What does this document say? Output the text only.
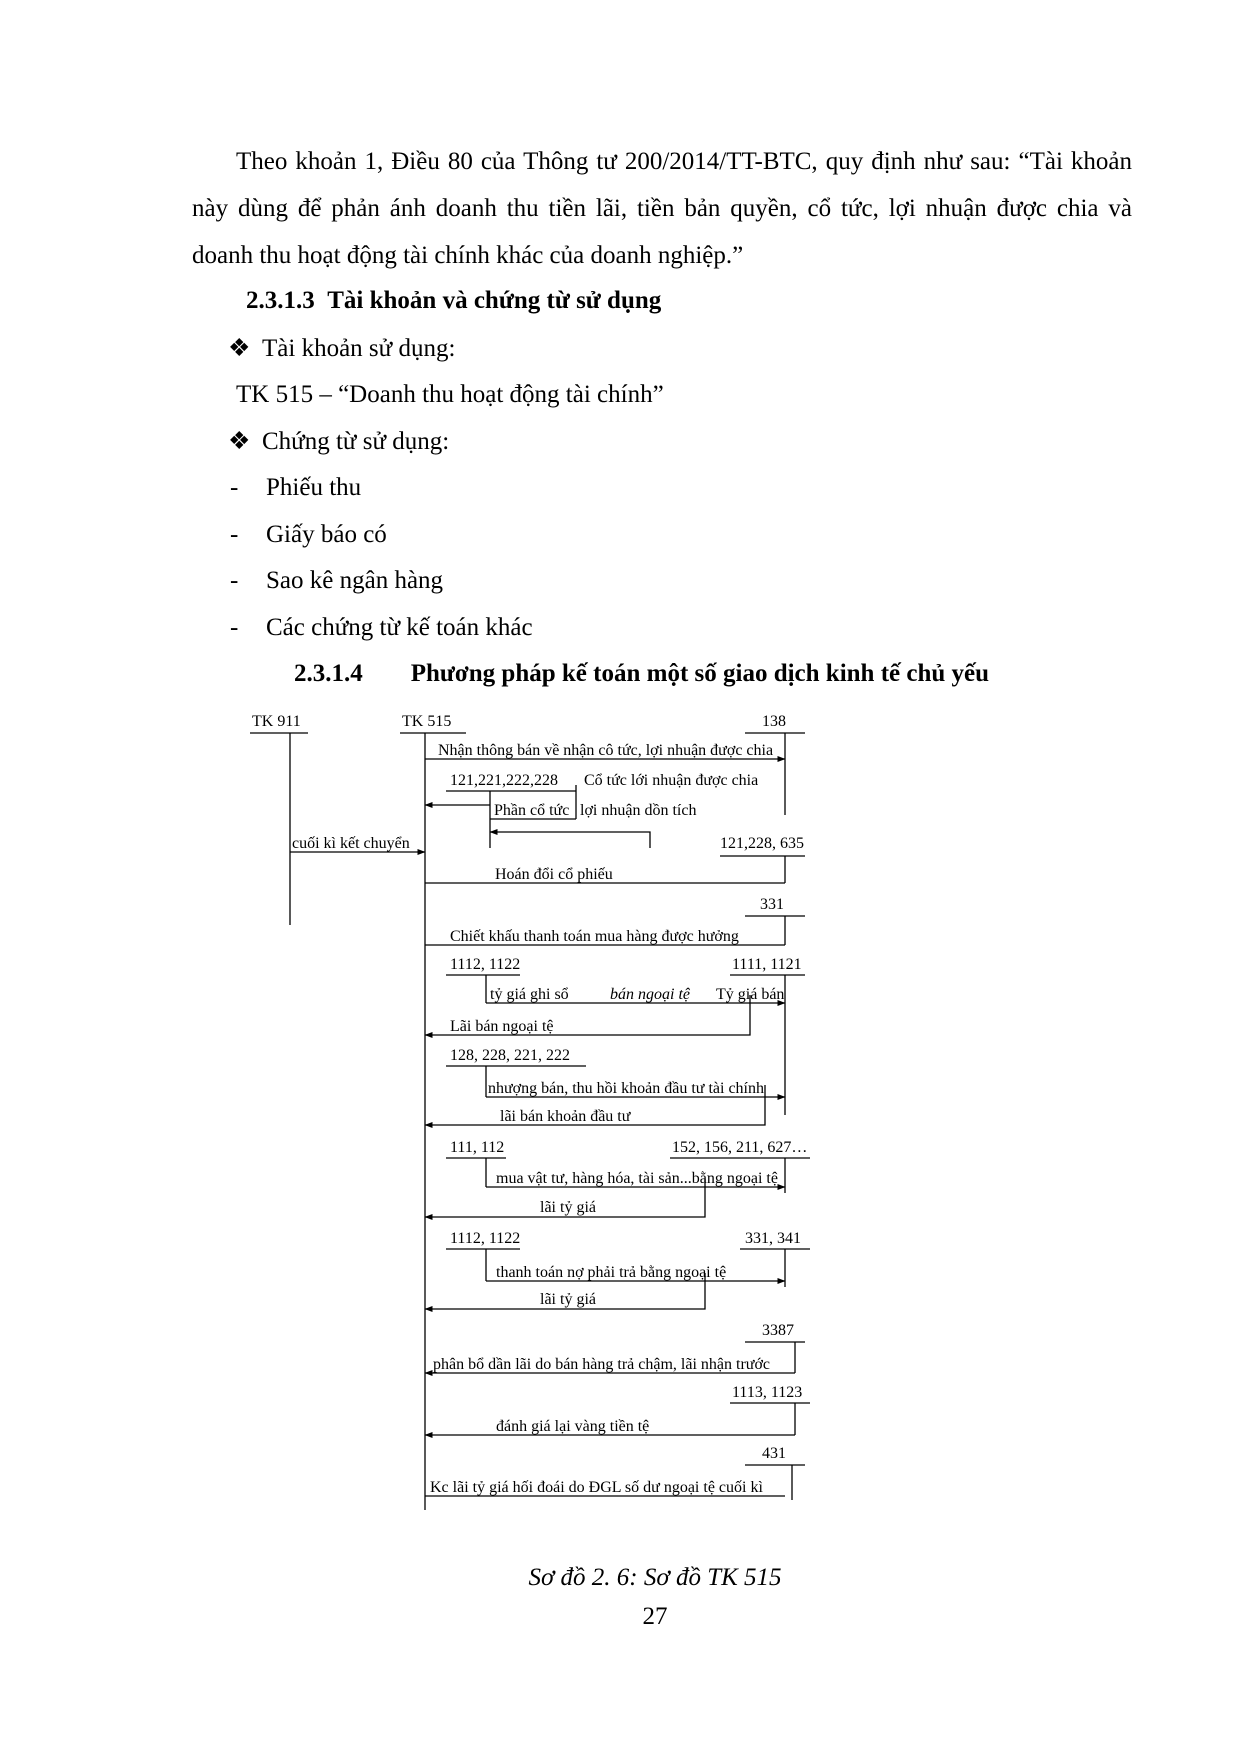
Theo khoản 1, Điều 80 của Thông tư 200/2014/TT-BTC, quy định như sau: “Tài khoản này dùng để phản ánh doanh thu tiền lãi, tiền bản quyền, cổ tức, lợi nhuận được chia và doanh thu hoạt động tài chính khác của doanh nghiệp.”

2.3.1.3 Tài khoản và chứng từ sử dụng
❖ Tài khoản sử dụng:
TK 515 – “Doanh thu hoạt động tài chính”
❖ Chứng từ sử dụng:
- Phiếu thu
- Giấy báo có
- Sao kê ngân hàng
- Các chứng từ kế toán khác
2.3.1.4 Phương pháp kế toán một số giao dịch kinh tế chủ yếu
TK 911	TK 515	138
Nhận thông bán về nhận cô tức, lợi nhuận được chia
121,221,222,228 Cổ tức lới nhuận được chia
Phần cổ tức lợi nhuận dồn tích
cuối kì kết chuyển	121,228, 635
Hoán đổi cổ phiếu
331
Chiết khấu thanh toán mua hàng được hưởng
1112, 1122	1111, 1121
tỷ giá ghi sổ	bán ngoại tệ Tỷ giá bán
Lãi bán ngoại tệ
128, 228, 221, 222
nhượng bán, thu hồi khoản đầu tư tài chính
lãi bán khoản đầu tư
111, 112	152, 156, 211, 627…
mua vật tư, hàng hóa, tài sản...bằng ngoại tệ
lãi tỷ giá
1112, 1122	331, 341
thanh toán nợ phải trả bằng ngoại tệ
lãi tỷ giá
3387
phân bổ dần lãi do bán hàng trả chậm, lãi nhận trước
1113, 1123
đánh giá lại vàng tiền tệ
431
Kc lãi tỷ giá hối đoái do ĐGL số dư ngoại tệ cuối kì
Sơ đồ 2. 6: Sơ đồ TK 515
27
